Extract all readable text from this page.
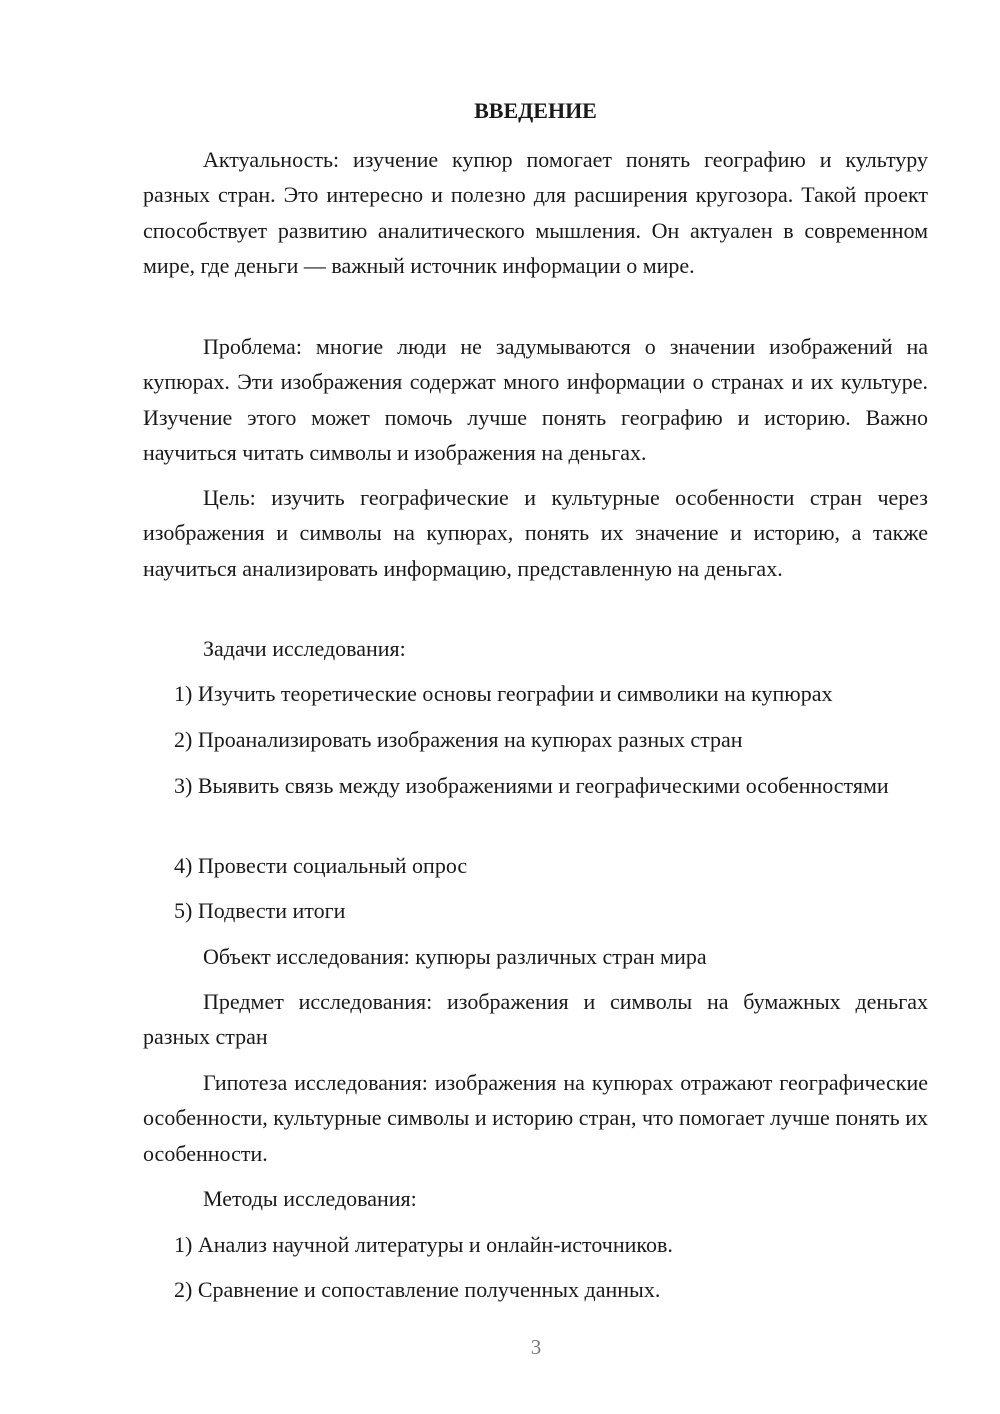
ВВЕДЕНИЕ
Актуальность: изучение купюр помогает понять географию и культуру разных стран. Это интересно и полезно для расширения кругозора. Такой проект способствует развитию аналитического мышления. Он актуален в современном мире, где деньги — важный источник информации о мире.
Проблема: многие люди не задумываются о значении изображений на купюрах. Эти изображения содержат много информации о странах и их культуре. Изучение этого может помочь лучше понять географию и историю. Важно научиться читать символы и изображения на деньгах.
Цель: изучить географические и культурные особенности стран через изображения и символы на купюрах, понять их значение и историю, а также научиться анализировать информацию, представленную на деньгах.
Задачи исследования:
1) Изучить теоретические основы географии и символики на купюрах
2) Проанализировать изображения на купюрах разных стран
3) Выявить связь между изображениями и географическими особенностями
4) Провести социальный опрос
5) Подвести итоги
Объект исследования: купюры различных стран мира
Предмет исследования: изображения и символы на бумажных деньгах разных стран
Гипотеза исследования: изображения на купюрах отражают географические особенности, культурные символы и историю стран, что помогает лучше понять их особенности.
Методы исследования:
1) Анализ научной литературы и онлайн-источников.
2) Сравнение и сопоставление полученных данных.
3
